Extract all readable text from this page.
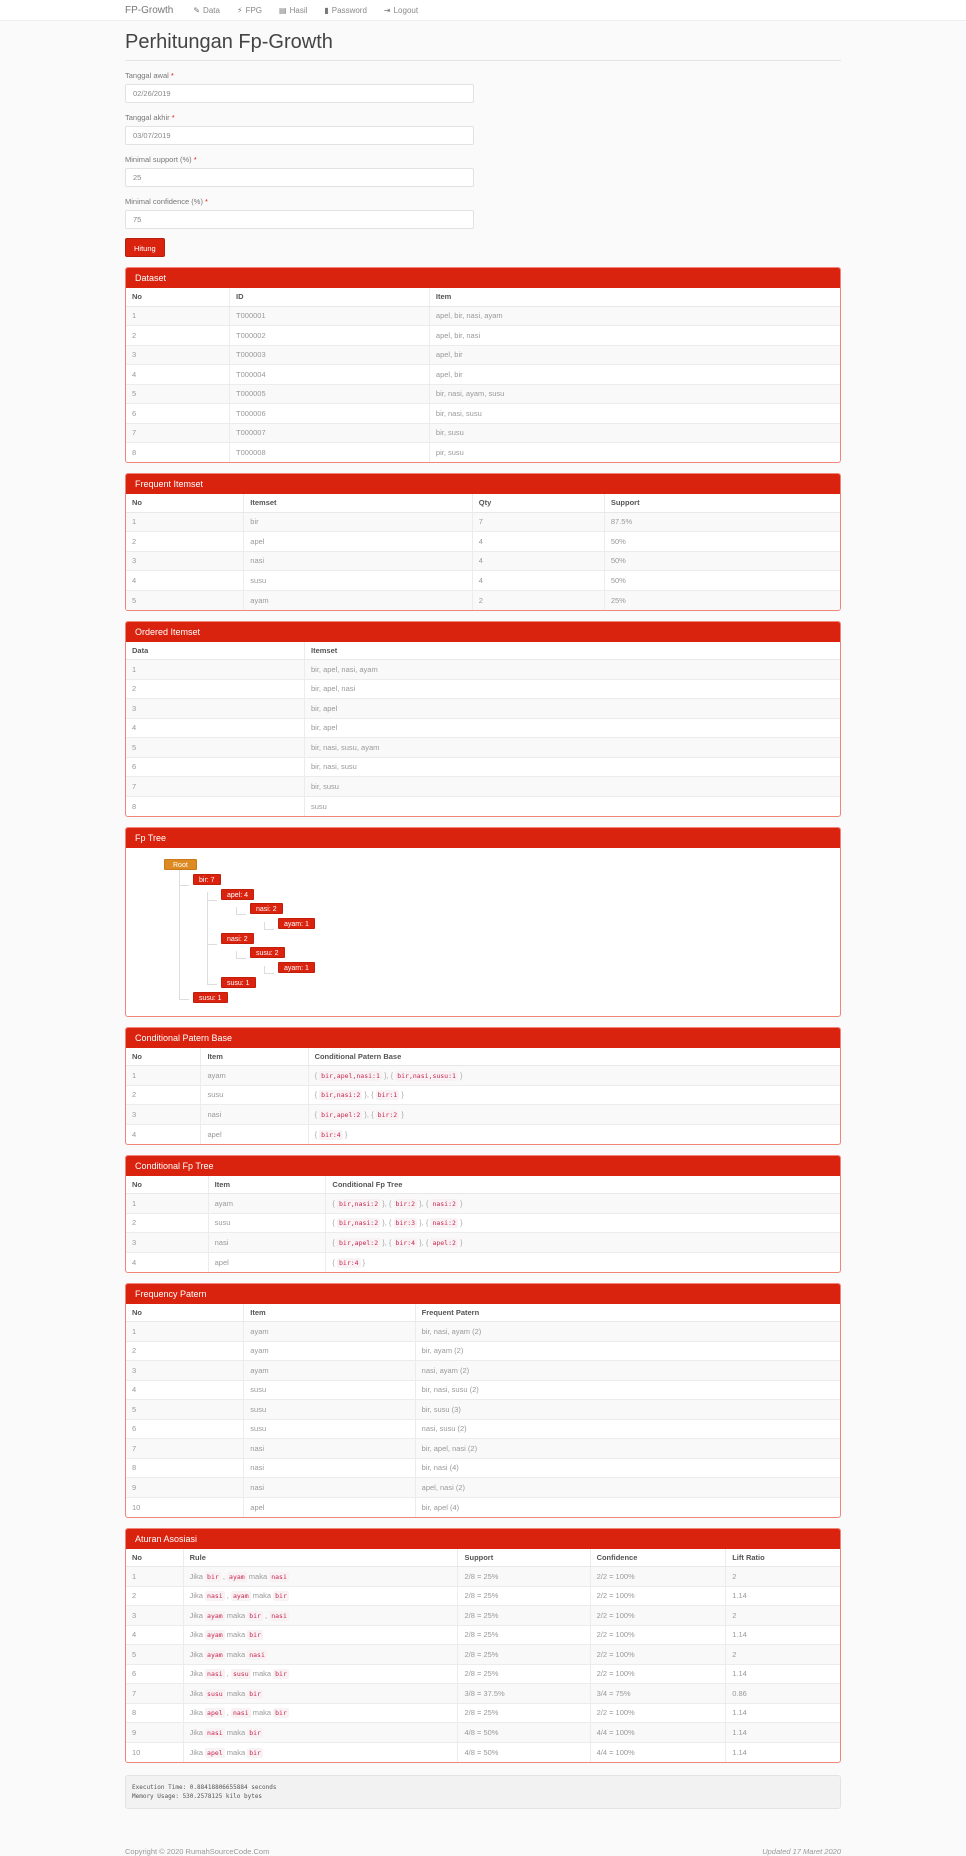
FP-Growth	✎ Data ⚡ FPG ▤ Hasil ▮ Password ⇥ Logout
Perhitungan Fp-Growth
Tanggal awal *
02/26/2019
Tanggal akhir *
03/07/2019
Minimal support (%) *
25
Minimal confidence (%) *
75
Hitung
Dataset
No	ID	Item
1	T000001	apel, bir, nasi, ayam
2	T000002	apel, bir, nasi
3	T000003	apel, bir
4	T000004	apel, bir
5	T000005	bir, nasi, ayam, susu
6	T000006	bir, nasi, susu
7	T000007	bir, susu
8	T000008	pir, susu
Frequent Itemset
No	Itemset	Qty	Support
1	bir	7	87.5%
2	apel	4	50%
3	nasi	4	50%
4	susu	4	50%
5	ayam	2	25%
Ordered Itemset
Data	Itemset
1	bir, apel, nasi, ayam
2	bir, apel, nasi
3	bir, apel
4	bir, apel
5	bir, nasi, susu, ayam
6	bir, nasi, susu
7	bir, susu
8	susu
Fp Tree
Root
bir: 7
apel: 4
nasi: 2
ayam: 1
nasi: 2
susu: 2
ayam: 1
susu: 1
susu: 1
Conditional Patern Base
No	Item	Conditional Patern Base
1	ayam	{ bir,apel,nasi:1 }, { bir,nasi,susu:1 }
2	susu	{ bir,nasi:2 }, { bir:1 }
3	nasi	{ bir,apel:2 }, { bir:2 }
4	apel	{ bir:4 }
Conditional Fp Tree
No	Item	Conditional Fp Tree
1	ayam	{ bir,nasi:2 }, { bir:2 }, { nasi:2 }
2	susu	{ bir,nasi:2 }, { bir:3 }, { nasi:2 }
3	nasi	{ bir,apel:2 }, { bir:4 }, { apel:2 }
4	apel	{ bir:4 }
Frequency Patern
No	Item	Frequent Patern
1	ayam	bir, nasi, ayam (2)
2	ayam	bir, ayam (2)
3	ayam	nasi, ayam (2)
4	susu	bir, nasi, susu (2)
5	susu	bir, susu (3)
6	susu	nasi, susu (2)
7	nasi	bir, apel, nasi (2)
8	nasi	bir, nasi (4)
9	nasi	apel, nasi (2)
10	apel	bir, apel (4)
Aturan Asosiasi
No	Rule	Support	Confidence	Lift Ratio
1	Jika bir , ayam maka nasi	2/8 = 25%	2/2 = 100%	2
2	Jika nasi , ayam maka bir	2/8 = 25%	2/2 = 100%	1.14
3	Jika ayam maka bir , nasi	2/8 = 25%	2/2 = 100%	2
4	Jika ayam maka bir	2/8 = 25%	2/2 = 100%	1.14
5	Jika ayam maka nasi	2/8 = 25%	2/2 = 100%	2
6	Jika nasi , susu maka bir	2/8 = 25%	2/2 = 100%	1.14
7	Jika susu maka bir	3/8 = 37.5%	3/4 = 75%	0.86
8	Jika apel , nasi maka bir	2/8 = 25%	2/2 = 100%	1.14
9	Jika nasi maka bir	4/8 = 50%	4/4 = 100%	1.14
10	Jika apel maka bir	4/8 = 50%	4/4 = 100%	1.14
Execution Time: 0.88418806655884 seconds
Memory Usage: 530.2578125 kilo bytes
Copyright © 2020 RumahSourceCode.Com	Updated 17 Maret 2020
